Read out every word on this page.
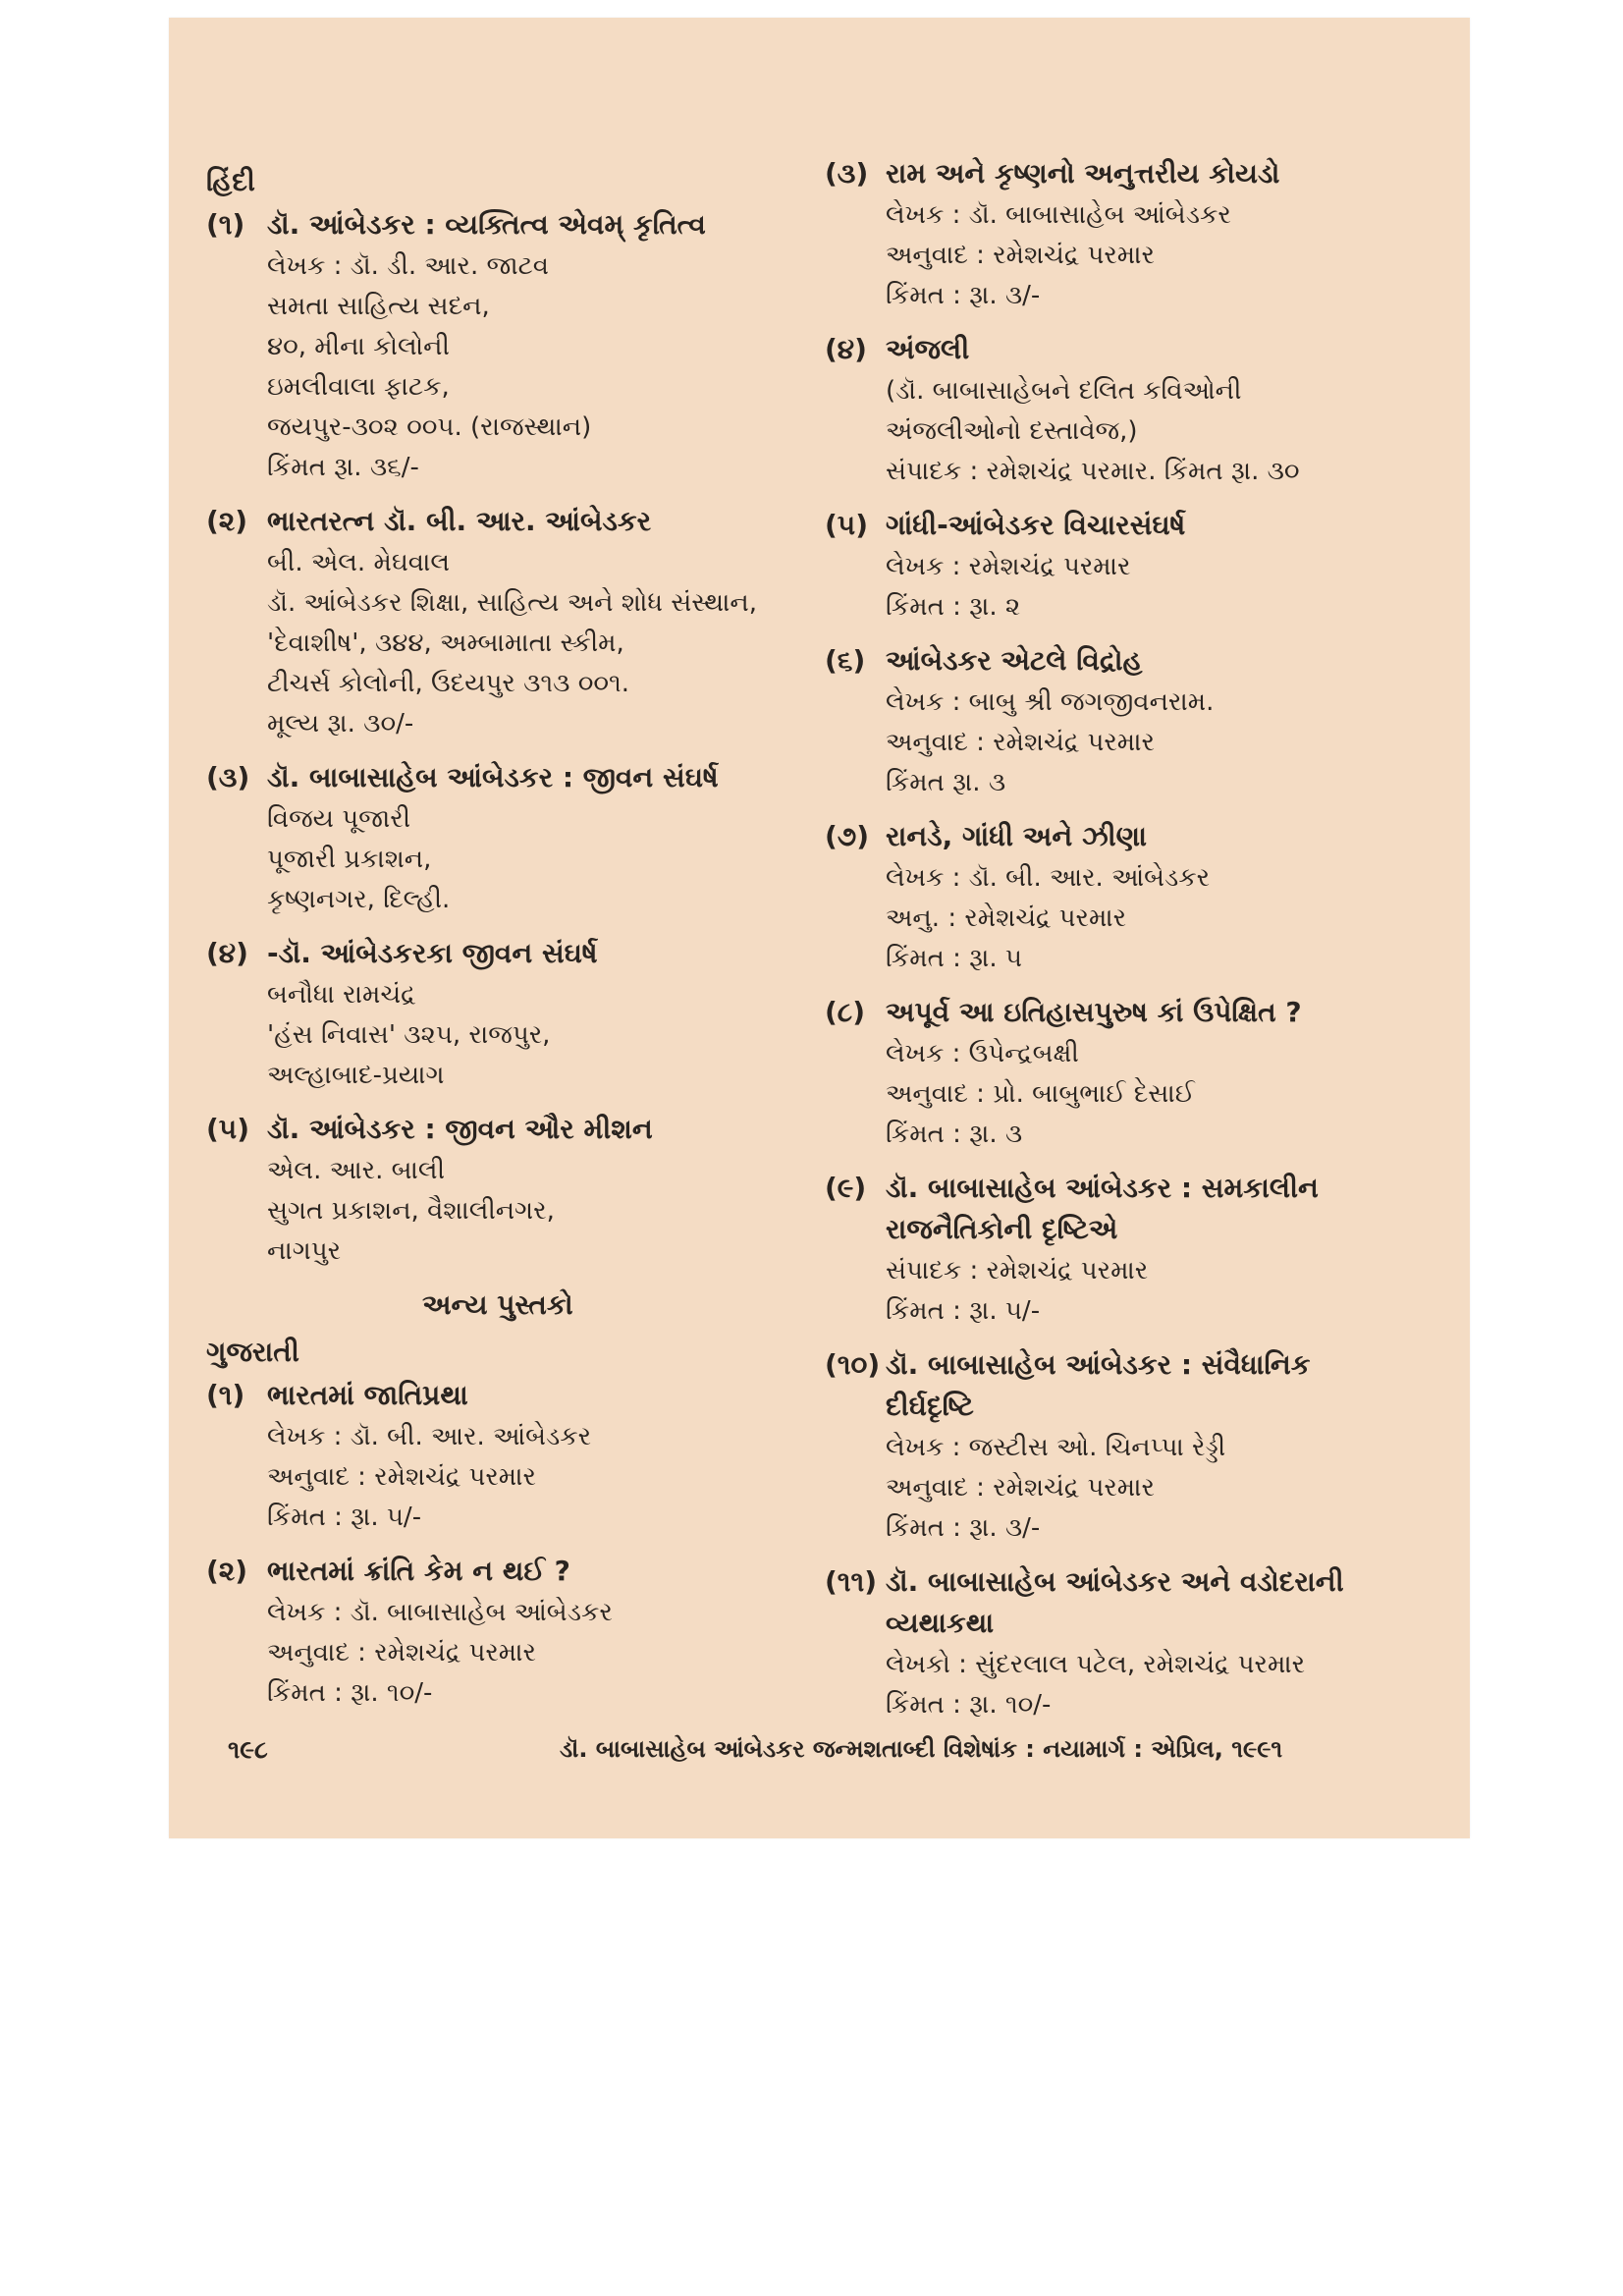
હિંદી
(૧) ડૉ. આંબેડકર : વ્યક્તિત્વ એવમ્ કૃતિત્વ
લેખક : ડૉ. ડી. આર. જાટવ
સમતા સાહિત્ય સદન,
૪૦, મીના કોલોની
ઇમલીવાલા ફાટક,
જયપુર-૩૦૨ ૦૦૫. (રાજસ્થાન)
કિંમત રૂા. ૩૬/-
(૨) ભારતરત્ન ડૉ. બી. આર. આંબેડકર
બી. એલ. મેઘવાલ
ડૉ. આંબેડકર શિક્ષા, સાહિત્ય અને શોધ સંસ્થાન,
'દેવાશીષ', ૩૪૪, અમ્બામાતા સ્કીમ,
ટીચર્સ કોલોની, ઉદયપુર ૩૧૩ ૦૦૧.
મૂલ્ય રૂા. ૩૦/-
(૩) ડૉ. બાબાસાહેબ આંબેડકર : જીવન સંઘર્ષ
વિજય પૂજારી
પૂજારી પ્રકાશન,
કૃષ્ણનગર, દિલ્હી.
(૪) -ડૉ. આંબેડકરકા જીવન સંઘર્ષ
બનૌધા રામચંદ્ર
'હંસ નિવાસ' ૩૨૫, રાજપુર,
અલ્હાબાદ-પ્રયાગ
(૫) ડૉ. આંબેડકર : જીવન ઔર મીશન
એલ. આર. બાલી
સુગત પ્રકાશન, વૈશાલીનગર,
નાગપુર
અન્ય પુસ્તકો
ગુજરાતી
(૧) ભારતમાં જાતિપ્રથા
લેખક : ડૉ. બી. આર. આંબેડકર
અનુવાદ : રમેશચંદ્ર પરમાર
કિંમત : રૂા. ૫/-
(૨) ભારતમાં ક્રાંતિ કેમ ન થઈ ?
લેખક : ડૉ. બાબાસાહેબ આંબેડકર
અનુવાદ : રમેશચંદ્ર પરમાર
કિંમત : રૂા. ૧૦/-
(૩) રામ અને કૃષ્ણનો અનુત્તરીય કોયડો
લેખક : ડૉ. બાબાસાહેબ આંબેડકર
અનુવાદ : રમેશચંદ્ર પરમાર
કિંમત : રૂા. ૩/-
(૪) અંજલી
(ડૉ. બાબાસાહેબને દલિત કવિઓની
અંજલીઓનો દસ્તાવેજ,)
સંપાદક : રમેશચંદ્ર પરમાર. કિંમત રૂા. ૩૦
(૫) ગાંધી-આંબેડકર વિચારસંઘર્ષ
લેખક : રમેશચંદ્ર પરમાર
કિંમત : રૂા. ૨
(૬) આંબેડકર એટલે વિદ્રોહ
લેખક : બાબુ શ્રી જગજીવનરામ.
અનુવાદ : રમેશચંદ્ર પરમાર
કિંમત રૂા. ૩
(૭) રાનડે, ગાંધી અને ઝીણા
લેખક : ડૉ. બી. આર. આંબેડકર
અનુ. : રમેશચંદ્ર પરમાર
કિંમત : રૂા. ૫
(૮) અપૂર્વ આ ઇતિહાસપુરુષ કાં ઉપેક્ષિત ?
લેખક : ઉપેન્દ્રબક્ષી
અનુવાદ : પ્રો. બાબુભાઈ દેસાઈ
કિંમત : રૂા. ૩
(૯) ડૉ. બાબાસાહેબ આંબેડકર : સમકાલીન
રાજનૈતિકોની દૃષ્ટિએ
સંપાદક : રમેશચંદ્ર પરમાર
કિંમત : રૂા. ૫/-
(૧૦) ડૉ. બાબાસાહેબ આંબેડકર : સંવૈધાનિક
દીર્ઘદૃષ્ટિ
લેખક : જસ્ટીસ ઓ. ચિનપ્પા રેડ્ડી
અનુવાદ : રમેશચંદ્ર પરમાર
કિંમત : રૂા. ૩/-
(૧૧) ડૉ. બાબાસાહેબ આંબેડકર અને વડોદરાની
વ્યથાકથા
લેખકો : સુંદરલાલ પટેલ, રમેશચંદ્ર પરમાર
કિંમત : રૂા. ૧૦/-
૧૯૮	ડૉ. બાબાસાહેબ આંબેડકર જન્મશતાબ્દી વિશેષાંક : નયામાર્ગ : એપ્રિલ, ૧૯૯૧
